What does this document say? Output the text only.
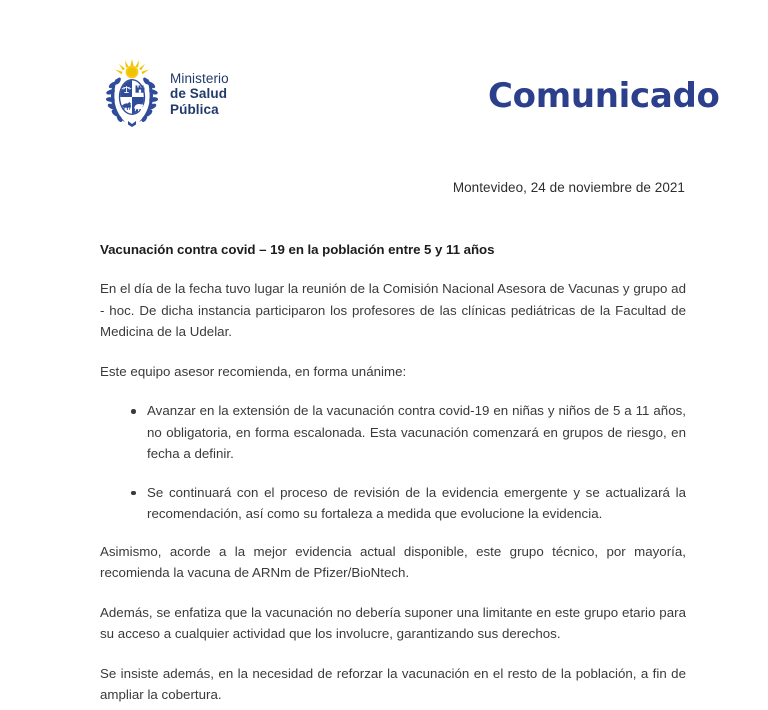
Ministerio
de Salud
Pública	Comunicado
Montevideo, 24 de noviembre de 2021
Vacunación contra covid – 19 en la población entre 5 y 11 años

En el día de la fecha tuvo lugar la reunión de la Comisión Nacional Asesora de Vacunas y grupo ad - hoc. De dicha instancia participaron los profesores de las clínicas pediátricas de la Facultad de Medicina de la Udelar.

Este equipo asesor recomienda, en forma unánime:

Avanzar en la extensión de la vacunación contra covid-19 en niñas y niños de 5 a 11 años, no obligatoria, en forma escalonada. Esta vacunación comenzará en grupos de riesgo, en fecha a definir.
Se continuará con el proceso de revisión de la evidencia emergente y se actualizará la recomendación, así como su fortaleza a medida que evolucione la evidencia.

Asimismo, acorde a la mejor evidencia actual disponible, este grupo técnico, por mayoría, recomienda la vacuna de ARNm de Pfizer/BioNtech.

Además, se enfatiza que la vacunación no debería suponer una limitante en este grupo etario para su acceso a cualquier actividad que los involucre, garantizando sus derechos.

Se insiste además, en la necesidad de reforzar la vacunación en el resto de la población, a fin de ampliar la cobertura.
